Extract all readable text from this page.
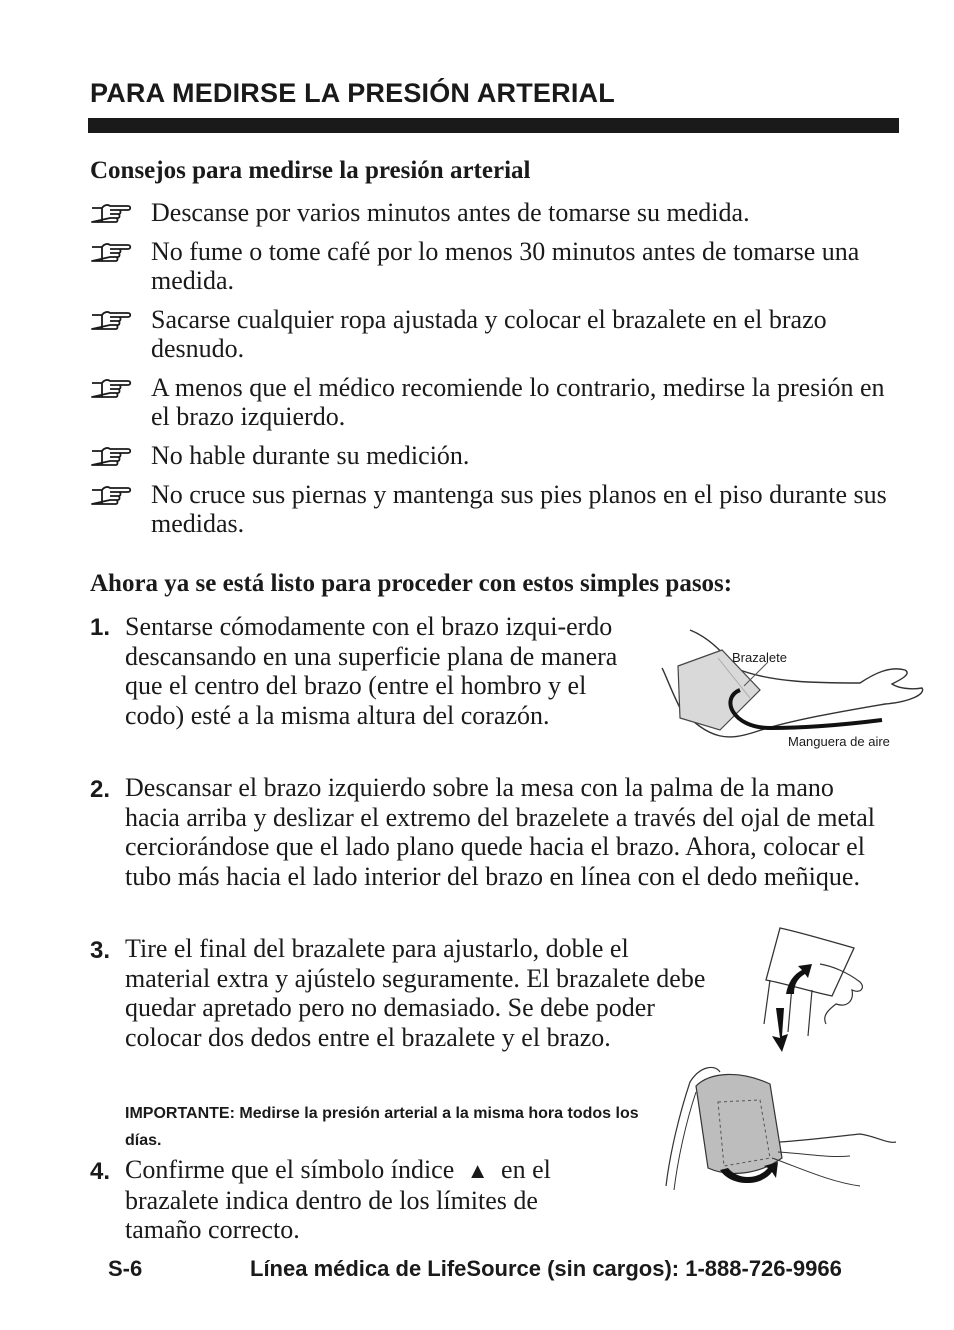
PARA MEDIRSE LA PRESIÓN ARTERIAL
Consejos para medirse la presión arterial
Descanse por varios minutos antes de tomarse su medida.
No fume o tome café por lo menos 30 minutos antes de tomarse una medida.
Sacarse cualquier ropa ajustada y colocar el brazalete en el brazo desnudo.
A menos que el médico recomiende lo contrario, medirse la presión en el brazo izquierdo.
No hable durante su medición.
No cruce sus piernas y mantenga sus pies planos en el piso durante sus medidas.
Ahora ya se está listo para proceder con estos simples pasos:
1. Sentarse cómodamente con el brazo izqui-erdo descansando en una superficie plana de manera que el centro del brazo (entre el hombro y el codo) esté a la misma altura del corazón.
Brazalete
Manguera de aire
2. Descansar el brazo izquierdo sobre la mesa con la palma de la mano hacia arriba y deslizar el extremo del brazelete a través del ojal de metal cerciorándose que el lado plano quede hacia el brazo. Ahora, colocar el tubo más hacia el lado interior del brazo en línea con el dedo meñique.
3. Tire el final del brazalete para ajustarlo, doble el material extra y ajústelo seguramente. El brazalete debe quedar apretado pero no demasiado. Se debe poder colocar dos dedos entre el brazalete y el brazo.
IMPORTANTE: Medirse la presión arterial a la misma hora todos los días.
4. Confirme que el símbolo índice ▲ en el brazalete indica dentro de los límites de tamaño correcto.
S-6	Línea médica de LifeSource (sin cargos): 1-888-726-9966
